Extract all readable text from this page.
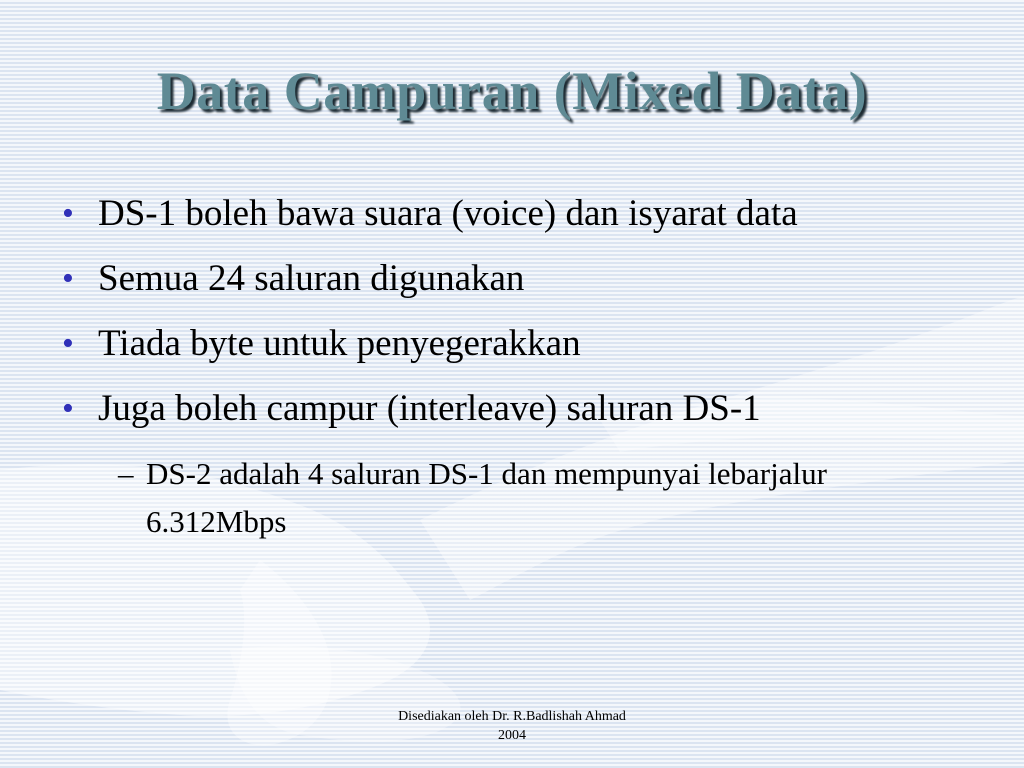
Data Campuran (Mixed Data)
• DS-1 boleh bawa suara (voice) dan isyarat data
• Semua 24 saluran digunakan
• Tiada byte untuk penyegerakkan
• Juga boleh campur (interleave) saluran DS-1
– DS-2 adalah 4 saluran DS-1 dan mempunyai lebarjalur 6.312Mbps
Disediakan oleh Dr. R.Badlishah Ahmad
2004
